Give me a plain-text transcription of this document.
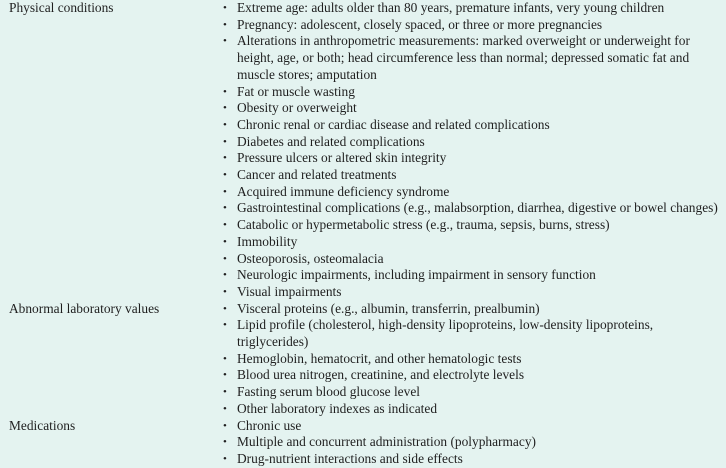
Physical conditions	• Extreme age: adults older than 80 years, premature infants, very young children
• Pregnancy: adolescent, closely spaced, or three or more pregnancies
• Alterations in anthropometric measurements: marked overweight or underweight for height, age, or both; head circumference less than normal; depressed somatic fat and muscle stores; amputation
• Fat or muscle wasting
• Obesity or overweight
• Chronic renal or cardiac disease and related complications
• Diabetes and related complications
• Pressure ulcers or altered skin integrity
• Cancer and related treatments
• Acquired immune deficiency syndrome
• Gastrointestinal complications (e.g., malabsorption, diarrhea, digestive or bowel changes)
• Catabolic or hypermetabolic stress (e.g., trauma, sepsis, burns, stress)
• Immobility
• Osteoporosis, osteomalacia
• Neurologic impairments, including impairment in sensory function
• Visual impairments
Abnormal laboratory values	• Visceral proteins (e.g., albumin, transferrin, prealbumin)
• Lipid profile (cholesterol, high-density lipoproteins, low-density lipoproteins, triglycerides)
• Hemoglobin, hematocrit, and other hematologic tests
• Blood urea nitrogen, creatinine, and electrolyte levels
• Fasting serum blood glucose level
• Other laboratory indexes as indicated
Medications	• Chronic use
• Multiple and concurrent administration (polypharmacy)
• Drug-nutrient interactions and side effects
